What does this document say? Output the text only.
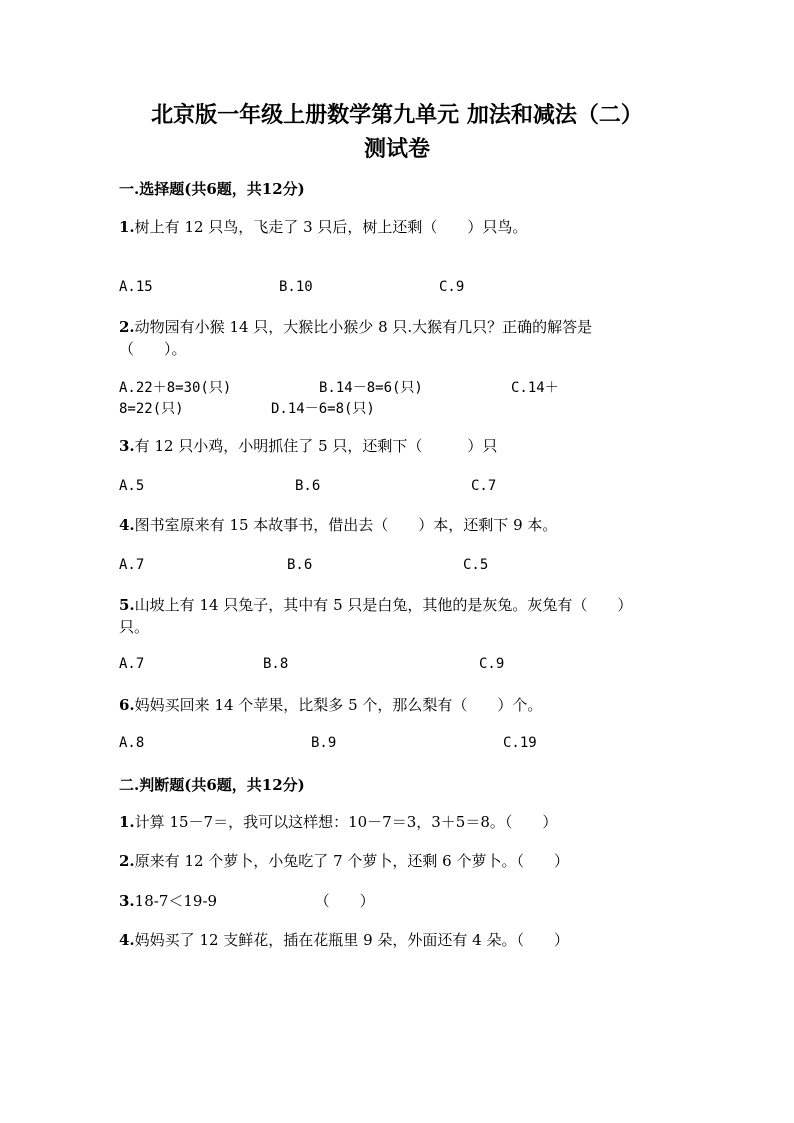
北京版一年级上册数学第九单元 加法和减法（二）
测试卷
一.选择题(共6题，共12分)
1.树上有 12 只鸟，飞走了 3 只后，树上还剩（　　）只鸟。
A.15	B.10	C.9
2.动物园有小猴 14 只，大猴比小猴少 8 只.大猴有几只？正确的解答是
（　　）。
A.22＋8=30(只)	B.14－8=6(只)	C.14＋
8=22(只)	D.14－6=8(只)
3.有 12 只小鸡，小明抓住了 5 只，还剩下（　　　）只
A.5	B.6	C.7
4.图书室原来有 15 本故事书，借出去（　　）本，还剩下 9 本。
A.7	B.6	C.5
5.山坡上有 14 只兔子，其中有 5 只是白兔，其他的是灰兔。灰兔有（　　）
只。
A.7	B.8	C.9
6.妈妈买回来 14 个苹果，比梨多 5 个，那么梨有（　　）个。
A.8	B.9	C.19
二.判断题(共6题，共12分)
1.计算 15－7＝，我可以这样想：10－7＝3，3＋5＝8。（　　）
2.原来有 12 个萝卜，小兔吃了 7 个萝卜，还剩 6 个萝卜。（　　）
3.18-7＜19-9　　　　　　　（　　）
4.妈妈买了 12 支鲜花，插在花瓶里 9 朵，外面还有 4 朵。（　　）
